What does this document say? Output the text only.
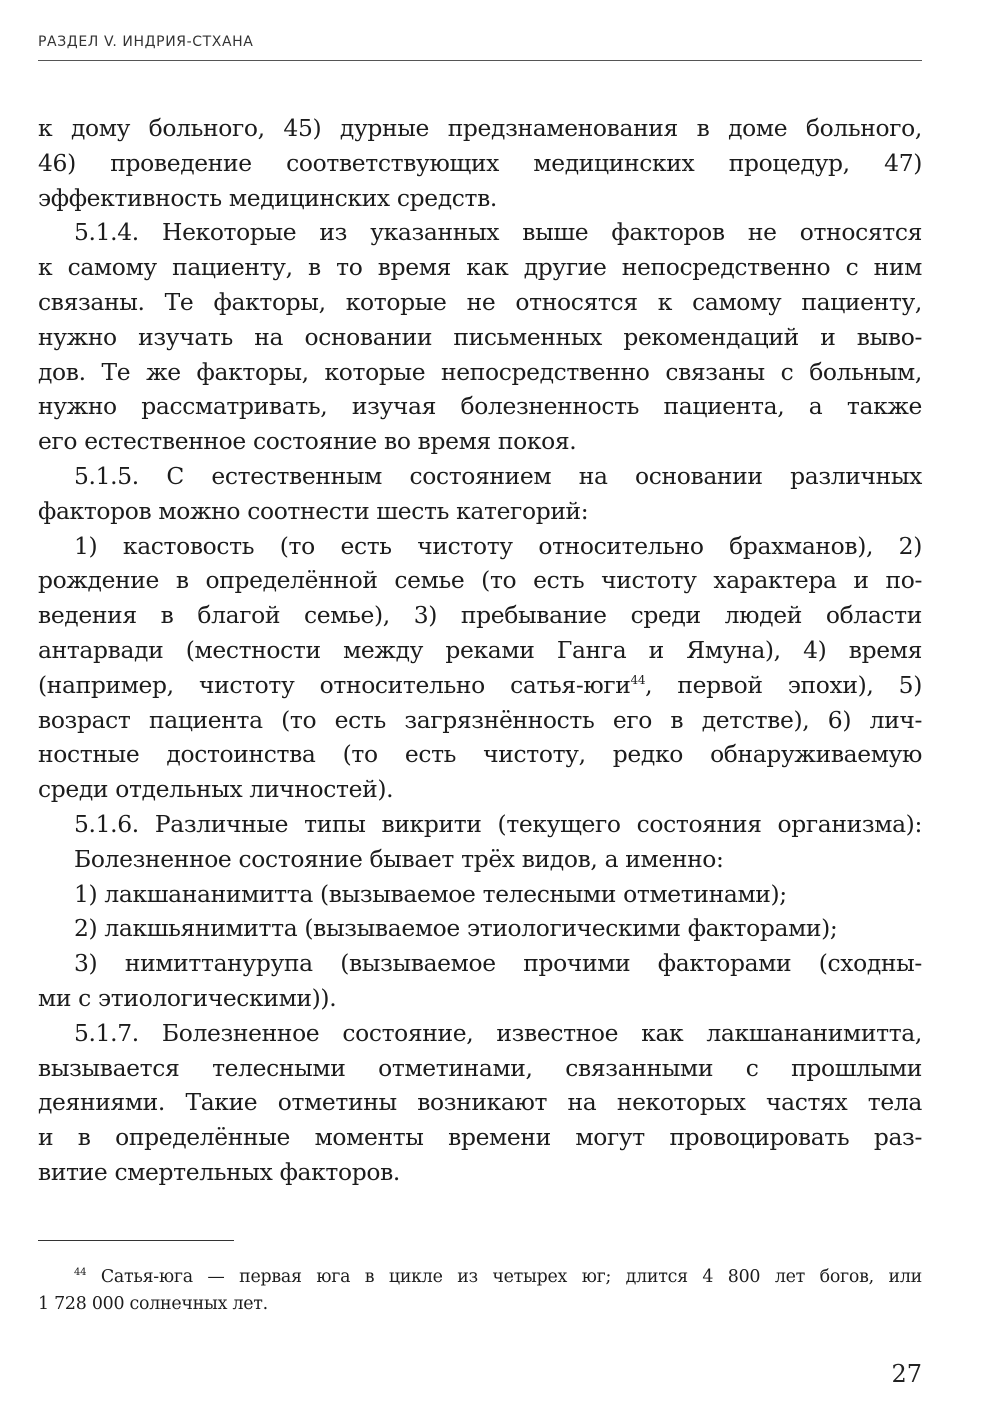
РАЗДЕЛ V. ИНДРИЯ-СТХАНА
к дому больного, 45) дурные предзнаменования в доме больного,
46) проведение соответствующих медицинских процедур, 47)
эффективность медицинских средств.
5.1.4. Некоторые из указанных выше факторов не относятся
к самому пациенту, в то время как другие непосредственно с ним
связаны. Те факторы, которые не относятся к самому пациенту,
нужно изучать на основании письменных рекомендаций и выво-
дов. Те же факторы, которые непосредственно связаны с больным,
нужно рассматривать, изучая болезненность пациента, а также
его естественное состояние во время покоя.
5.1.5. С естественным состоянием на основании различных
факторов можно соотнести шесть категорий:
1) кастовость (то есть чистоту относительно брахманов), 2)
рождение в определённой семье (то есть чистоту характера и по-
ведения в благой семье), 3) пребывание среди людей области
антарвади (местности между реками Ганга и Ямуна), 4) время
(например, чистоту относительно сатья-юги$^{44}$, первой эпохи), 5)
возраст пациента (то есть загрязнённость его в детстве), 6) лич-
ностные достоинства (то есть чистоту, редко обнаруживаемую
среди отдельных личностей).
5.1.6. Различные типы викрити (текущего состояния организма):
Болезненное состояние бывает трёх видов, а именно:
1) лакшананимитта (вызываемое телесными отметинами);
2) лакшьянимитта (вызываемое этиологическими факторами);
3) нимиттанурупа (вызываемое прочими факторами (сходны-
ми с этиологическими)).
5.1.7. Болезненное состояние, известное как лакшананимитта,
вызывается телесными отметинами, связанными с прошлыми
деяниями. Такие отметины возникают на некоторых частях тела
и в определённые моменты времени могут провоцировать раз-
витие смертельных факторов.
$^{44}$ Сатья-юга — первая юга в цикле из четырех юг; длится 4 800 лет богов, или
1 728 000 солнечных лет.
27
